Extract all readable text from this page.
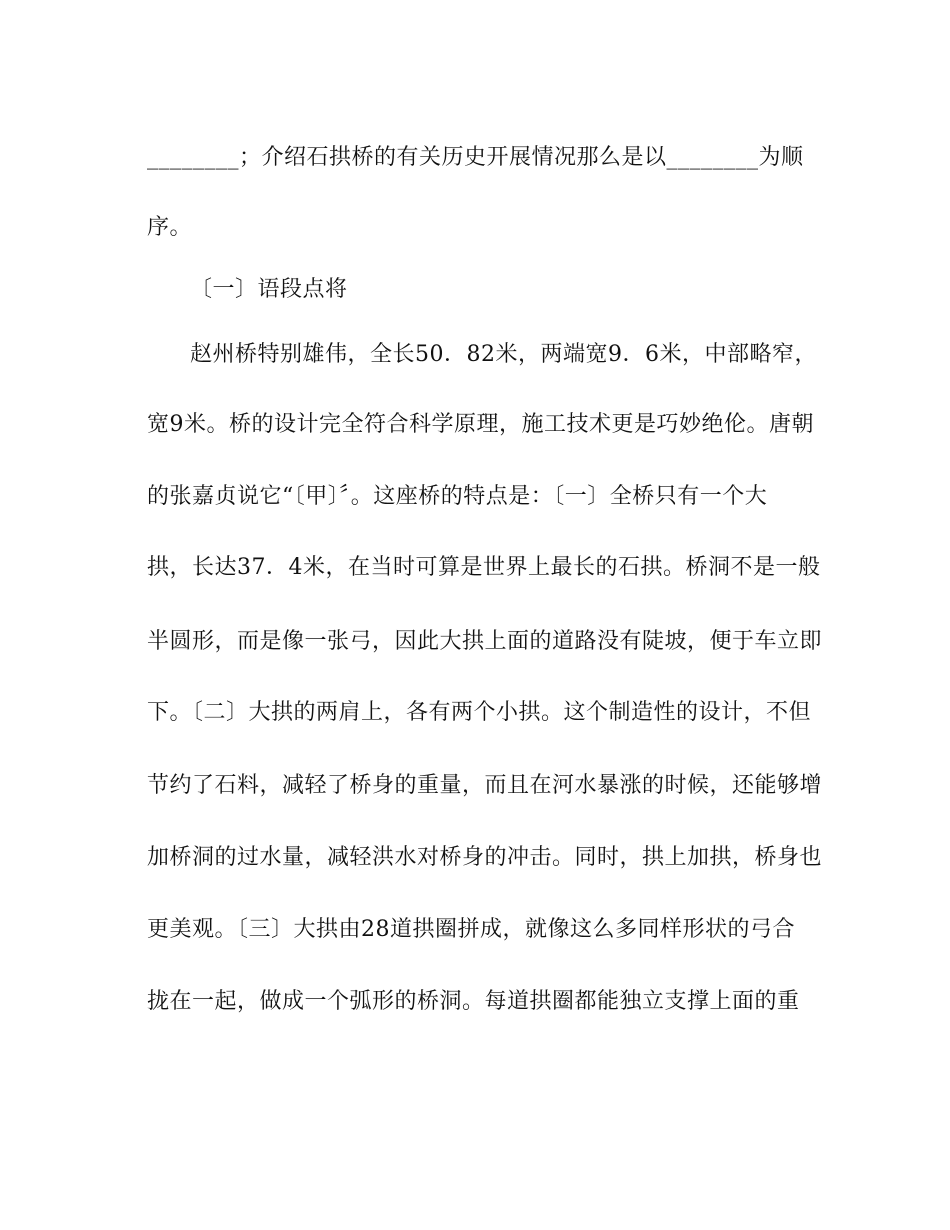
________；介绍石拱桥的有关历史开展情况那么是以________为顺
序。
〔一〕语段点将
赵州桥特别雄伟，全长50．82米，两端宽9．6米，中部略窄，
宽9米。桥的设计完全符合科学原理，施工技术更是巧妙绝伦。唐朝
的张嘉贞说它“〔甲〕〞。这座桥的特点是：〔一〕全桥只有一个大
拱，长达37．4米，在当时可算是世界上最长的石拱。桥洞不是一般
半圆形，而是像一张弓，因此大拱上面的道路没有陡坡，便于车立即
下。〔二〕大拱的两肩上，各有两个小拱。这个制造性的设计，不但
节约了石料，减轻了桥身的重量，而且在河水暴涨的时候，还能够增
加桥洞的过水量，减轻洪水对桥身的冲击。同时，拱上加拱，桥身也
更美观。〔三〕大拱由28道拱圈拼成，就像这么多同样形状的弓合
拢在一起，做成一个弧形的桥洞。每道拱圈都能独立支撑上面的重
